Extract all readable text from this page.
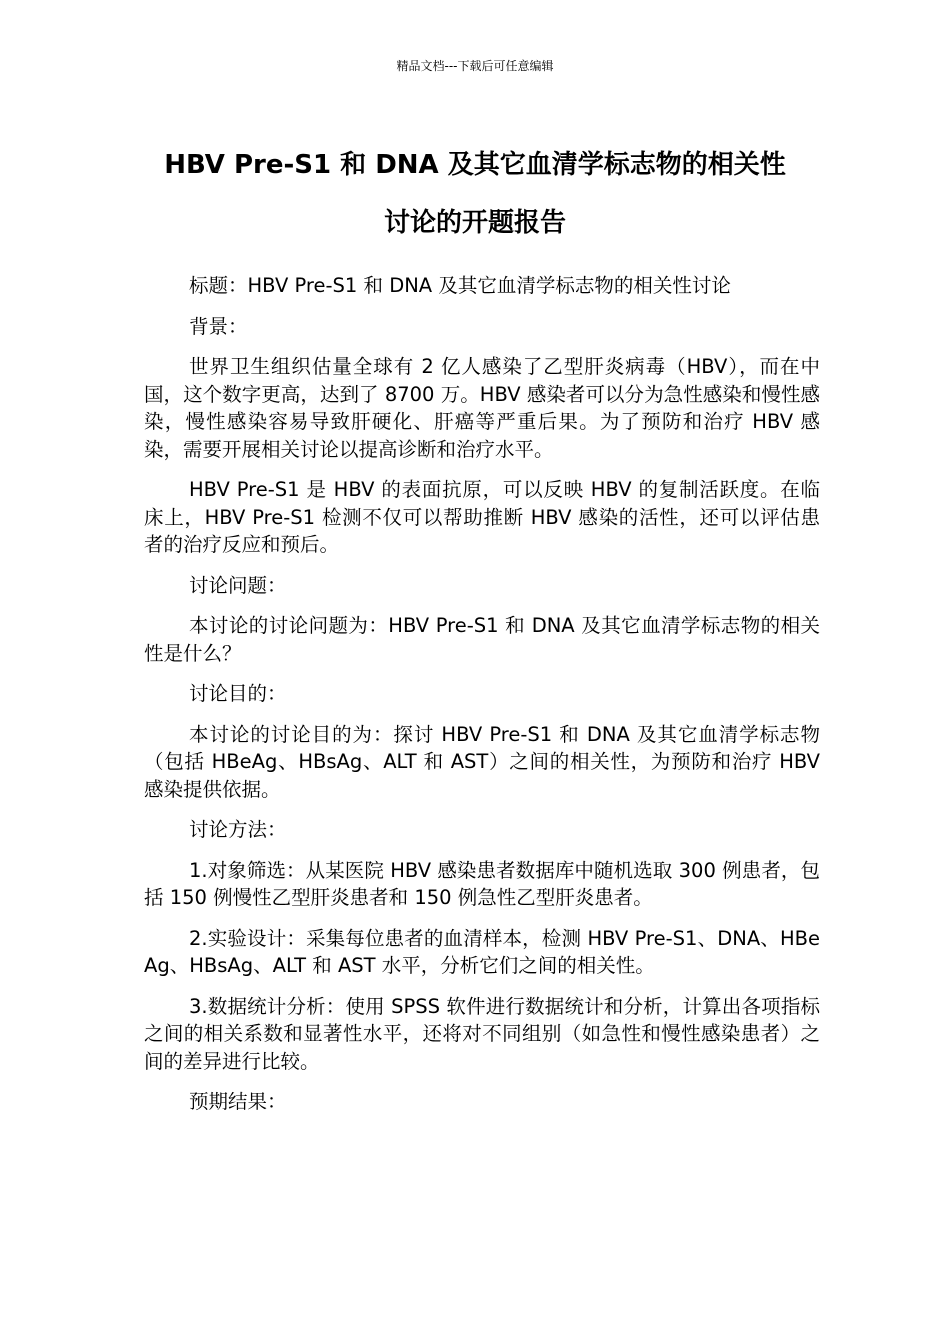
精品文档---下载后可任意编辑
HBV Pre-S1 和 DNA 及其它血清学标志物的相关性
讨论的开题报告

标题：HBV Pre-S1 和 DNA 及其它血清学标志物的相关性讨论

背景：

世界卫生组织估量全球有 2 亿人感染了乙型肝炎病毒（HBV），而在中国，这个数字更高，达到了 8700 万。HBV 感染者可以分为急性感染和慢性感染，慢性感染容易导致肝硬化、肝癌等严重后果。为了预防和治疗 HBV 感染，需要开展相关讨论以提高诊断和治疗水平。

HBV Pre-S1 是 HBV 的表面抗原，可以反映 HBV 的复制活跃度。在临床上，HBV Pre-S1 检测不仅可以帮助推断 HBV 感染的活性，还可以评估患者的治疗反应和预后。

讨论问题：

本讨论的讨论问题为：HBV Pre-S1 和 DNA 及其它血清学标志物的相关性是什么？

讨论目的：

本讨论的讨论目的为：探讨 HBV Pre-S1 和 DNA 及其它血清学标志物（包括 HBeAg、HBsAg、ALT 和 AST）之间的相关性，为预防和治疗 HBV 感染提供依据。

讨论方法：

1.对象筛选：从某医院 HBV 感染患者数据库中随机选取 300 例患者，包括 150 例慢性乙型肝炎患者和 150 例急性乙型肝炎患者。

2.实验设计：采集每位患者的血清样本，检测 HBV Pre-S1、DNA、HBeAg、HBsAg、ALT 和 AST 水平，分析它们之间的相关性。

3.数据统计分析：使用 SPSS 软件进行数据统计和分析，计算出各项指标之间的相关系数和显著性水平，还将对不同组别（如急性和慢性感染患者）之间的差异进行比较。

预期结果：
